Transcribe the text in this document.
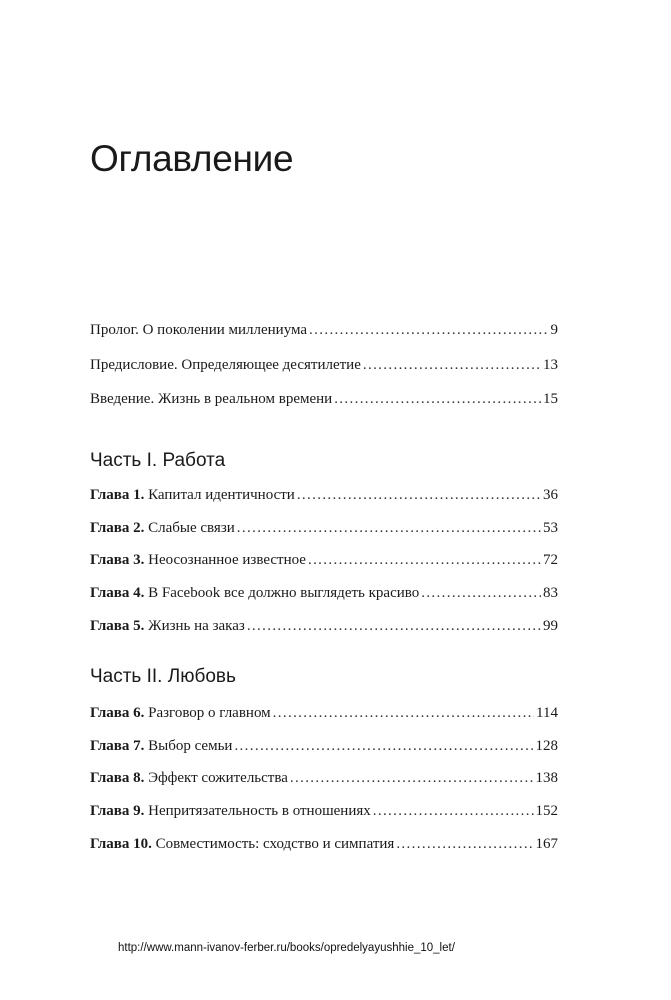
Оглавление
Пролог. О поколении миллениума . . .	9
Предисловие. Определяющее десятилетие . . .	13
Введение. Жизнь в реальном времени . . .	15
Часть I. Работа
Глава 1. Капитал идентичности . . .	36
Глава 2. Слабые связи . . .	53
Глава 3. Неосознанное известное . . .	72
Глава 4. В Facebook все должно выглядеть красиво . . .	83
Глава 5. Жизнь на заказ . . .	99
Часть II. Любовь
Глава 6. Разговор о главном . . .	114
Глава 7. Выбор семьи . . .	128
Глава 8. Эффект сожительства . . .	138
Глава 9. Непритязательность в отношениях . . .	152
Глава 10. Совместимость: сходство и симпатия . . .	167
http://www.mann-ivanov-ferber.ru/books/opredelyayushhie_10_let/
